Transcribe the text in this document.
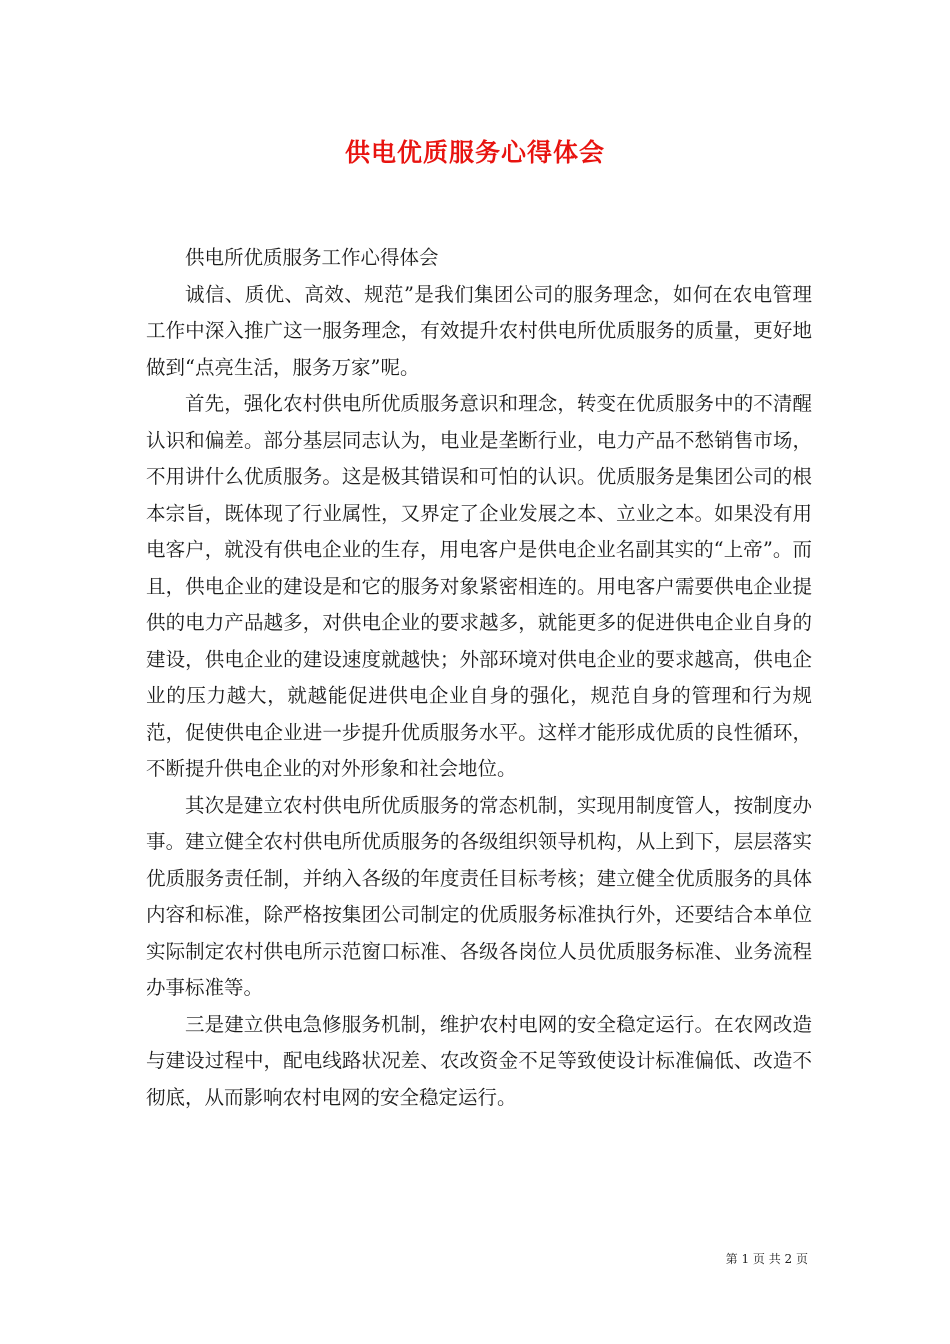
供电优质服务心得体会

供电所优质服务工作心得体会

诚信、质优、高效、规范”是我们集团公司的服务理念，如何在农电管理工作中深入推广这一服务理念，有效提升农村供电所优质服务的质量，更好地做到“点亮生活，服务万家”呢。

首先，强化农村供电所优质服务意识和理念，转变在优质服务中的不清醒认识和偏差。部分基层同志认为，电业是垄断行业，电力产品不愁销售市场，不用讲什么优质服务。这是极其错误和可怕的认识。优质服务是集团公司的根本宗旨，既体现了行业属性，又界定了企业发展之本、立业之本。如果没有用电客户，就没有供电企业的生存，用电客户是供电企业名副其实的“上帝”。而且，供电企业的建设是和它的服务对象紧密相连的。用电客户需要供电企业提供的电力产品越多，对供电企业的要求越多，就能更多的促进供电企业自身的建设，供电企业的建设速度就越快；外部环境对供电企业的要求越高，供电企业的压力越大，就越能促进供电企业自身的强化，规范自身的管理和行为规范，促使供电企业进一步提升优质服务水平。这样才能形成优质的良性循环，不断提升供电企业的对外形象和社会地位。

其次是建立农村供电所优质服务的常态机制，实现用制度管人，按制度办事。建立健全农村供电所优质服务的各级组织领导机构，从上到下，层层落实优质服务责任制，并纳入各级的年度责任目标考核；建立健全优质服务的具体内容和标准，除严格按集团公司制定的优质服务标准执行外，还要结合本单位实际制定农村供电所示范窗口标准、各级各岗位人员优质服务标准、业务流程办事标准等。

三是建立供电急修服务机制，维护农村电网的安全稳定运行。在农网改造与建设过程中，配电线路状况差、农改资金不足等致使设计标准偏低、改造不彻底，从而影响农村电网的安全稳定运行。

第 1 页 共 2 页
